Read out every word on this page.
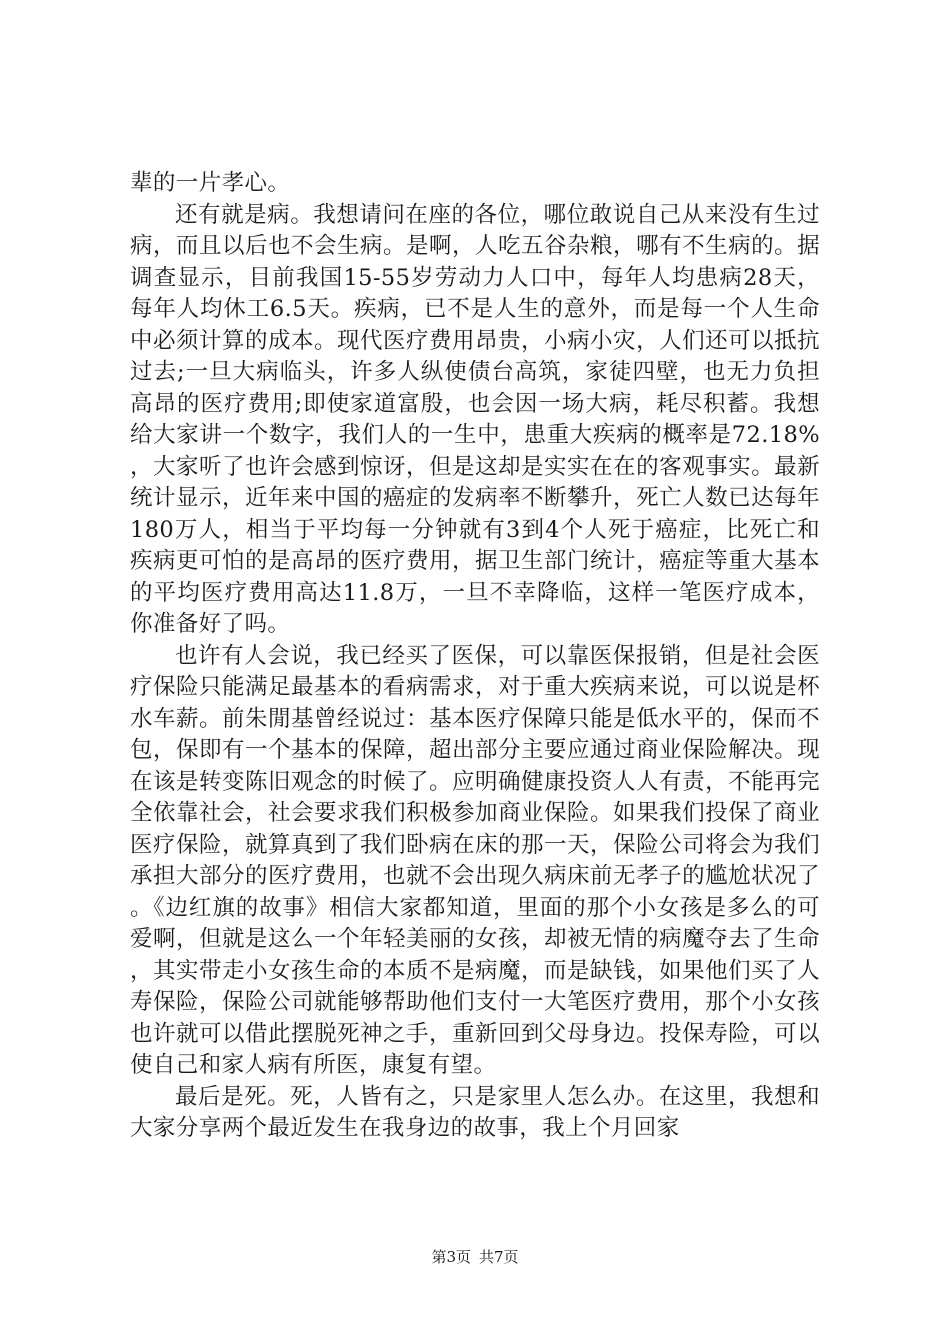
辈的一片孝心。

还有就是病。我想请问在座的各位，哪位敢说自己从来没有生过病，而且以后也不会生病。是啊，人吃五谷杂粮，哪有不生病的。据调查显示，目前我国15-55岁劳动力人口中，每年人均患病28天，每年人均休工6.5天。疾病，已不是人生的意外，而是每一个人生命中必须计算的成本。现代医疗费用昂贵，小病小灾，人们还可以抵抗过去;一旦大病临头，许多人纵使债台高筑，家徒四壁，也无力负担高昂的医疗费用;即使家道富殷，也会因一场大病，耗尽积蓄。我想给大家讲一个数字，我们人的一生中，患重大疾病的概率是72.18%，大家听了也许会感到惊讶，但是这却是实实在在的客观事实。最新统计显示，近年来中国的癌症的发病率不断攀升，死亡人数已达每年180万人，相当于平均每一分钟就有3到4个人死于癌症，比死亡和疾病更可怕的是高昂的医疗费用，据卫生部门统计，癌症等重大基本的平均医疗费用高达11.8万，一旦不幸降临，这样一笔医疗成本，你准备好了吗。

也许有人会说，我已经买了医保，可以靠医保报销，但是社会医疗保险只能满足最基本的看病需求，对于重大疾病来说，可以说是杯水车薪。前朱閒基曾经说过：基本医疗保障只能是低水平的，保而不包，保即有一个基本的保障，超出部分主要应通过商业保险解决。现在该是转变陈旧观念的时候了。应明确健康投资人人有责，不能再完全依靠社会，社会要求我们积极参加商业保险。如果我们投保了商业医疗保险，就算真到了我们卧病在床的那一天，保险公司将会为我们承担大部分的医疗费用，也就不会出现久病床前无孝子的尴尬状况了。《边红旗的故事》相信大家都知道，里面的那个小女孩是多么的可爱啊，但就是这么一个年轻美丽的女孩，却被无情的病魔夺去了生命，其实带走小女孩生命的本质不是病魔，而是缺钱，如果他们买了人寿保险，保险公司就能够帮助他们支付一大笔医疗费用，那个小女孩也许就可以借此摆脱死神之手，重新回到父母身边。投保寿险，可以使自己和家人病有所医，康复有望。

最后是死。死，人皆有之，只是家里人怎么办。在这里，我想和大家分享两个最近发生在我身边的故事，我上个月回家

第3页 共7页
